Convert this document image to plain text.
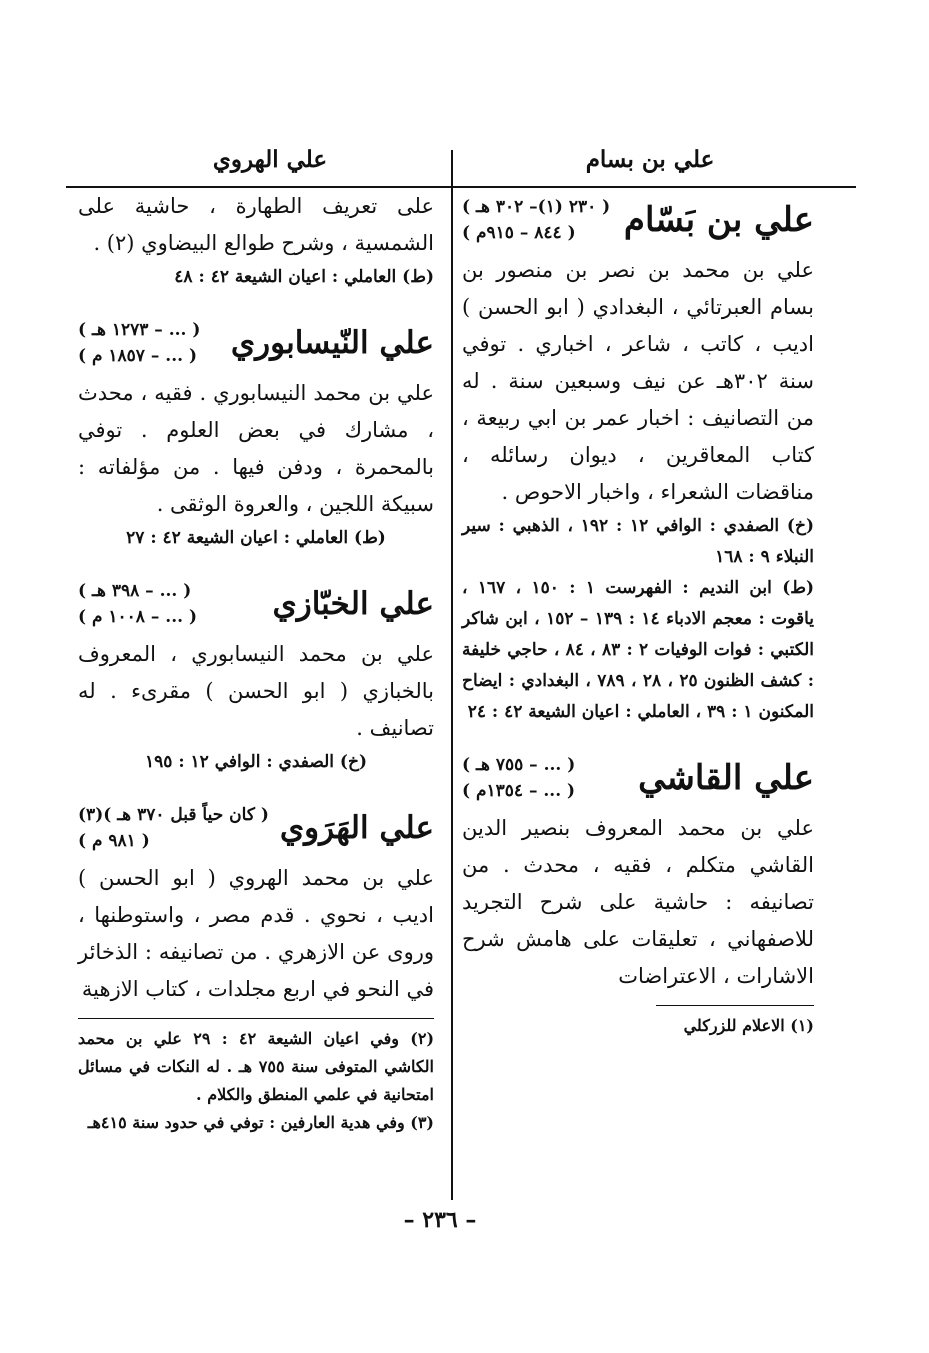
علي بن بسام
علي الهروي
علي بن بَسّام
( ٢٣٠ (١)– ٣٠٢ هـ )
( ٨٤٤ – ٩١٥م )
علي بن محمد بن نصر بن منصور بن بسام العبرتائي ، البغدادي ( ابو الحسن ) اديب ، كاتب ، شاعر ، اخباري . توفي سنة ٣٠٢هـ عن نيف وسبعين سنة . له من التصانيف : اخبار عمر بن ابي ربيعة ، كتاب المعاقرين ، ديوان رسائله ، مناقضات الشعراء ، واخبار الاحوص .
(خ) الصفدي : الوافي ١٢ : ١٩٢ ، الذهبي : سير النبلاء ٩ : ١٦٨
(ط) ابن النديم : الفهرست ١ : ١٥٠ ، ١٦٧ ، ياقوت : معجم الادباء ١٤ : ١٣٩ – ١٥٢ ، ابن شاكر الكتبي : فوات الوفيات ٢ : ٨٣ ، ٨٤ ، حاجي خليفة : كشف الظنون ٢٥ ، ٢٨ ، ٧٨٩ ، البغدادي : ايضاح المكنون ١ : ٣٩ ، العاملي : اعيان الشيعة ٤٢ : ٢٤
علي القاشي
( ... – ٧٥٥ هـ )
( ... – ١٣٥٤م )
علي بن محمد المعروف بنصير الدين القاشي متكلم ، فقيه ، محدث . من تصانيفه : حاشية على شرح التجريد للاصفهاني ، تعليقات على هامش شرح الاشارات ، الاعتراضات
(١) الاعلام للزركلي
على تعريف الطهارة ، حاشية على الشمسية ، وشرح طوالع البيضاوي (٢) .
(ط) العاملي : اعيان الشيعة ٤٢ : ٤٨
علي النّيسابوري
( ... – ١٢٧٣ هـ )
( ... – ١٨٥٧ م )
علي بن محمد النيسابوري . فقيه ، محدث ، مشارك في بعض العلوم . توفي بالمحمرة ، ودفن فيها . من مؤلفاته : سبيكة اللجين ، والعروة الوثقى .
(ط) العاملي : اعيان الشيعة ٤٢ : ٢٧
علي الخبّازي
( ... – ٣٩٨ هـ )
( ... – ١٠٠٨ م )
علي بن محمد النيسابوري ، المعروف بالخبازي ( ابو الحسن ) مقرىء . له تصانيف .
(خ) الصفدي : الوافي ١٢ : ١٩٥
علي الهَرَوي
( كان حياً قبل ٣٧٠ هـ )(٣)
( ٩٨١ م )
علي بن محمد الهروي ( ابو الحسن ) اديب ، نحوي . قدم مصر ، واستوطنها ، وروى عن الازهري . من تصانيفه : الذخائر في النحو في اربع مجلدات ، كتاب الازهية
(٢) وفي اعيان الشيعة ٤٢ : ٢٩ علي بن محمد الكاشي المتوفى سنة ٧٥٥ هـ . له النكات في مسائل امتحانية في علمي المنطق والكلام .
(٣) وفي هدية العارفين : توفي في حدود سنة ٤١٥هـ
– ٢٣٦ –
